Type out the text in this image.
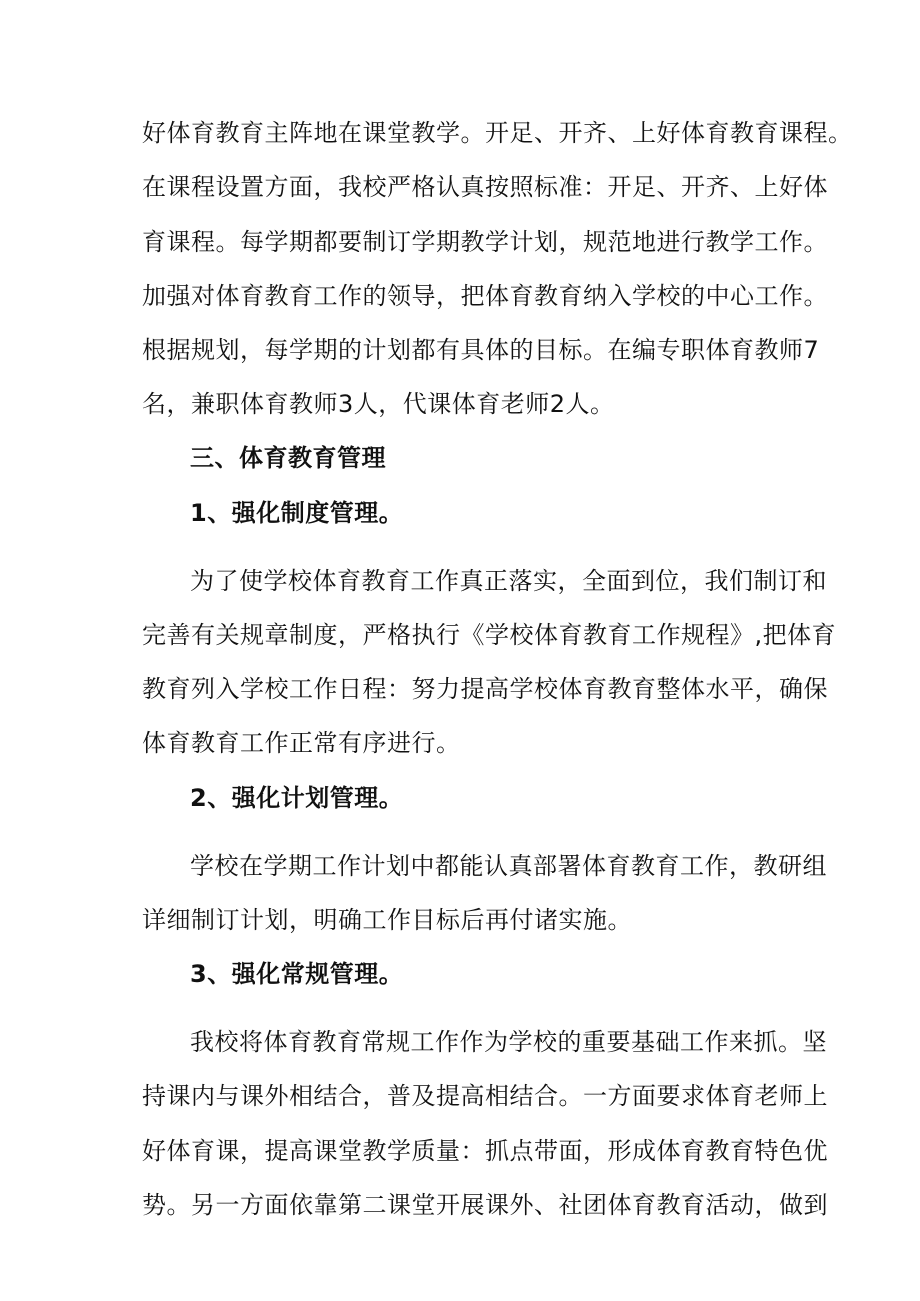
好体育教育主阵地在课堂教学。开足、开齐、上好体育教育课程。
在课程设置方面，我校严格认真按照标准：开足、开齐、上好体
育课程。每学期都要制订学期教学计划，规范地进行教学工作。
加强对体育教育工作的领导，把体育教育纳入学校的中心工作。
根据规划，每学期的计划都有具体的目标。在编专职体育教师7
名，兼职体育教师3人，代课体育老师2人。
三、体育教育管理
1、强化制度管理。
为了使学校体育教育工作真正落实，全面到位，我们制订和
完善有关规章制度，严格执行《学校体育教育工作规程》,把体育
教育列入学校工作日程：努力提高学校体育教育整体水平，确保
体育教育工作正常有序进行。
2、强化计划管理。
学校在学期工作计划中都能认真部署体育教育工作，教研组
详细制订计划，明确工作目标后再付诸实施。
3、强化常规管理。
我校将体育教育常规工作作为学校的重要基础工作来抓。坚
持课内与课外相结合，普及提高相结合。一方面要求体育老师上
好体育课，提高课堂教学质量：抓点带面，形成体育教育特色优
势。另一方面依靠第二课堂开展课外、社团体育教育活动，做到
